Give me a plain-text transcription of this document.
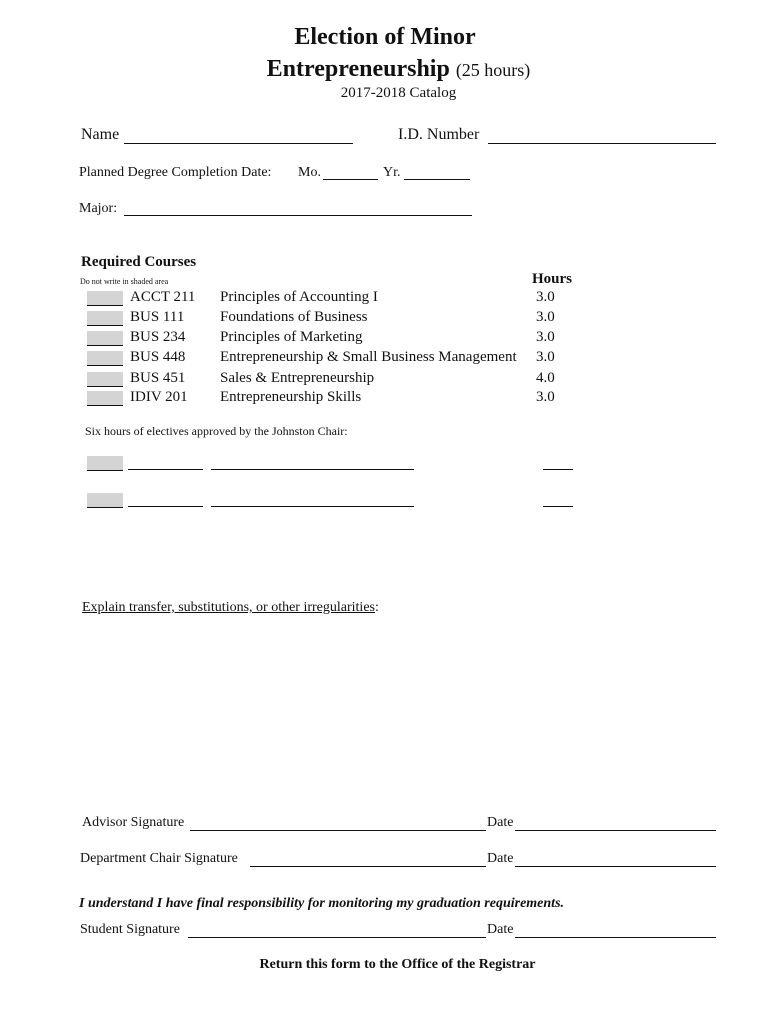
Election of Minor
Entrepreneurship (25 hours)
2017-2018 Catalog
Name	I.D. Number
Planned Degree Completion Date: Mo.	Yr.
Major:
Required Courses
Do not write in shaded area	Hours
ACCT 211 Principles of Accounting I	3.0
BUS 111 Foundations of Business	3.0
BUS 234 Principles of Marketing	3.0
BUS 448 Entrepreneurship & Small Business Management 3.0
BUS 451 Sales & Entrepreneurship	4.0
IDIV 201 Entrepreneurship Skills	3.0
Six hours of electives approved by the Johnston Chair:
Explain transfer, substitutions, or other irregularities:
Advisor Signature	Date
Department Chair Signature	Date
I understand I have final responsibility for monitoring my graduation requirements.
Student Signature	Date
Return this form to the Office of the Registrar
